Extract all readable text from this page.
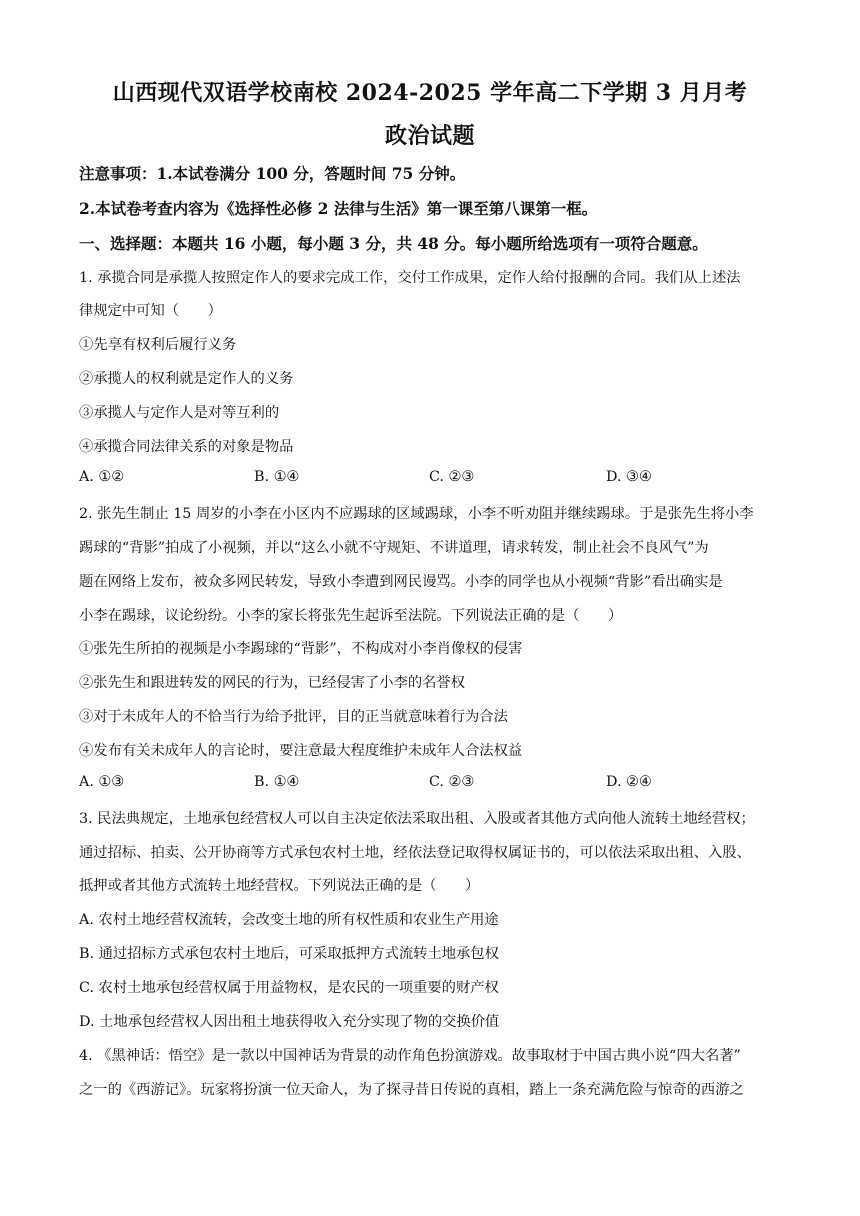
山西现代双语学校南校 2024-2025 学年高二下学期 3 月月考
政治试题
注意事项：1.本试卷满分 100 分，答题时间 75 分钟。
2.本试卷考查内容为《选择性必修 2 法律与生活》第一课至第八课第一框。
一、选择题：本题共 16 小题，每小题 3 分，共 48 分。每小题所给选项有一项符合题意。
1. 承揽合同是承揽人按照定作人的要求完成工作，交付工作成果，定作人给付报酬的合同。我们从上述法
律规定中可知（　　）
①先享有权利后履行义务
②承揽人的权利就是定作人的义务
③承揽人与定作人是对等互利的
④承揽合同法律关系的对象是物品
A. ①②	B. ①④	C. ②③	D. ③④
2. 张先生制止 15 周岁的小李在小区内不应踢球的区域踢球，小李不听劝阻并继续踢球。于是张先生将小李
踢球的“背影”拍成了小视频，并以“这么小就不守规矩、不讲道理，请求转发，制止社会不良风气”为
题在网络上发布，被众多网民转发，导致小李遭到网民谩骂。小李的同学也从小视频“背影”看出确实是
小李在踢球，议论纷纷。小李的家长将张先生起诉至法院。下列说法正确的是（　　）
①张先生所拍的视频是小李踢球的“背影”，不构成对小李肖像权的侵害
②张先生和跟进转发的网民的行为，已经侵害了小李的名誉权
③对于未成年人的不恰当行为给予批评，目的正当就意味着行为合法
④发布有关未成年人的言论时，要注意最大程度维护未成年人合法权益
A. ①③	B. ①④	C. ②③	D. ②④
3. 民法典规定，土地承包经营权人可以自主决定依法采取出租、入股或者其他方式向他人流转土地经营权；
通过招标、拍卖、公开协商等方式承包农村土地，经依法登记取得权属证书的，可以依法采取出租、入股、
抵押或者其他方式流转土地经营权。下列说法正确的是（　　）
A. 农村土地经营权流转，会改变土地的所有权性质和农业生产用途
B. 通过招标方式承包农村土地后，可采取抵押方式流转土地承包权
C. 农村土地承包经营权属于用益物权，是农民的一项重要的财产权
D. 土地承包经营权人因出租土地获得收入充分实现了物的交换价值
4. 《黑神话：悟空》是一款以中国神话为背景的动作角色扮演游戏。故事取材于中国古典小说“四大名著”
之一的《西游记》。玩家将扮演一位天命人，为了探寻昔日传说的真相，踏上一条充满危险与惊奇的西游之
